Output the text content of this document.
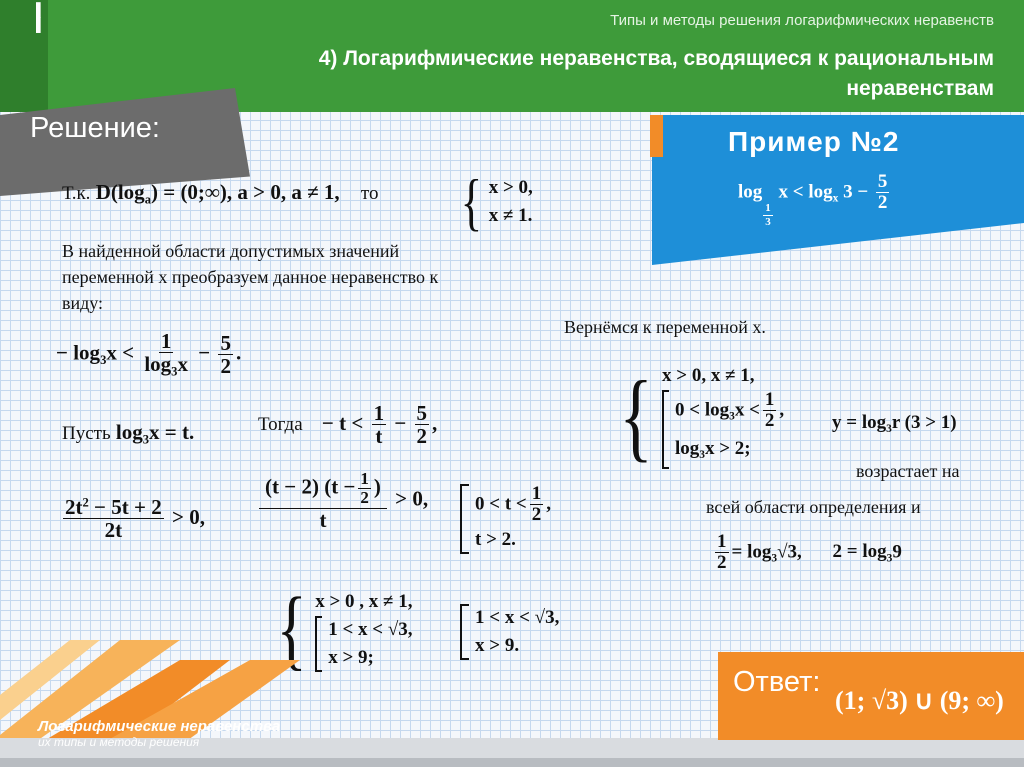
▌
▌	Типы и методы решения логарифмических неравенств
4) Логарифмические неравенства, сводящиеся к рациональным неравенствам
Решение:	Пример №2
log
$\frac{1}{3}$
$x < \log_x 3 - \frac{5}{2}$
Т.к. $D(\log_a)$ = (0;∞), a > 0, a ≠ 1, то { x > 0,
x ≠ 1.
В найденной области допустимых значений переменной x преобразуем данное неравенство к виду:
− $\log_3x < \frac{1}{\log_3x} - \frac{5}{2}$ .
Пусть $\log_3x = t$.	Тогда − $t < \frac{1}{t} - \frac{5}{2}$ ,
$\frac{2t^2 - 5t + 2}{2t} > 0$,	$\frac{(t - 2) (t - \frac{1}{2} )}{t} > 0$, $0 < t < \frac{1}{2}$ ,
t > 2.
{ x > 0 , x ≠ 1,
1 < x < √3,
x > 9;
1 < x < √3,
x > 9.
Вернёмся к переменной x.
{ x > 0, x ≠ 1,
$0 < \log_3x < \frac{1}{2}$ ,
$\log_3x > 2$;
$y = \log_3r$ (3 > 1)
возрастает на
всей области определения и
$\frac{1}{2} = \log_3√3$, $2 = \log_39$
Логарифмические неравенства
их типы и методы решения
Ответ:
(1; √3) ∪ (9; ∞)
